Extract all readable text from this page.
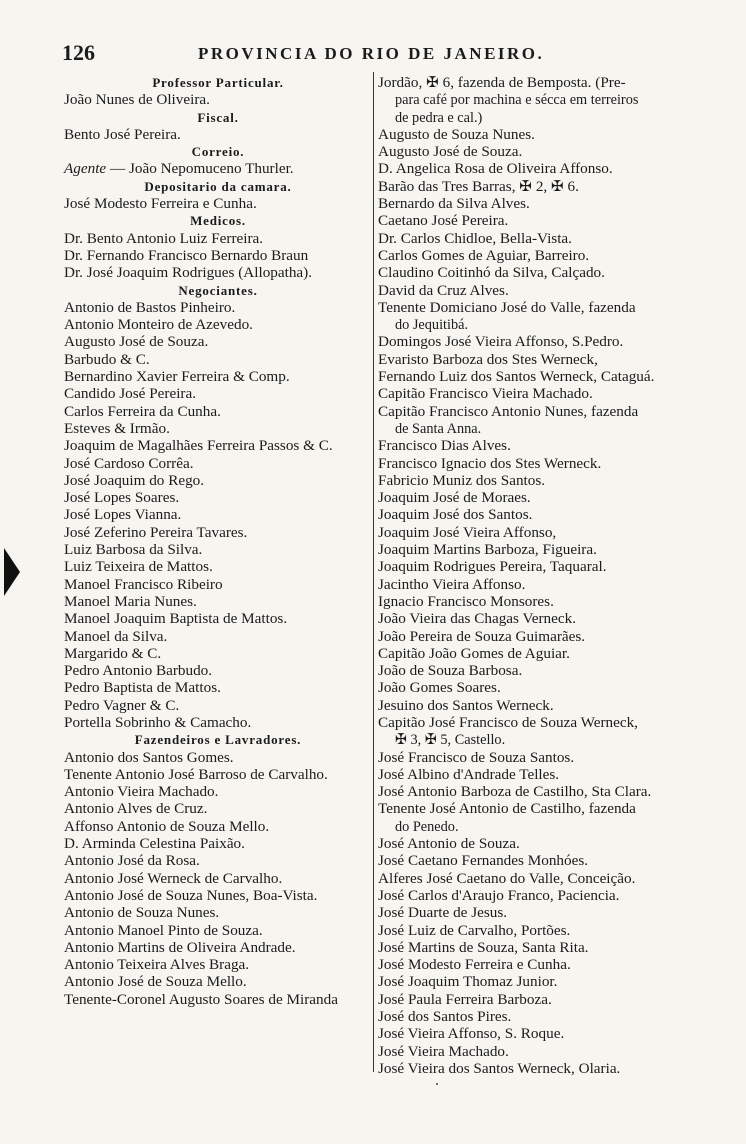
126	PROVINCIA DO RIO DE JANEIRO.
Professor Particular.
João Nunes de Oliveira.
Fiscal.
Bento José Pereira.
Correio.
Agente — João Nepomuceno Thurler.
Depositario da camara.
José Modesto Ferreira e Cunha.
Medicos.
Dr. Bento Antonio Luiz Ferreira.
Dr. Fernando Francisco Bernardo Braun
Dr. José Joaquim Rodrigues (Allopatha).
Negociantes.
Antonio de Bastos Pinheiro.
Antonio Monteiro de Azevedo.
Augusto José de Souza.
Barbudo & C.
Bernardino Xavier Ferreira & Comp.
Candido José Pereira.
Carlos Ferreira da Cunha.
Esteves & Irmão.
Joaquim de Magalhães Ferreira Passos & C.
José Cardoso Corrêa.
José Joaquim do Rego.
José Lopes Soares.
José Lopes Vianna.
José Zeferino Pereira Tavares.
Luiz Barbosa da Silva.
Luiz Teixeira de Mattos.
Manoel Francisco Ribeiro
Manoel Maria Nunes.
Manoel Joaquim Baptista de Mattos.
Manoel da Silva.
Margarido & C.
Pedro Antonio Barbudo.
Pedro Baptista de Mattos.
Pedro Vagner & C.
Portella Sobrinho & Camacho.
Fazendeiros e Lavradores.
Antonio dos Santos Gomes.
Tenente Antonio José Barroso de Carvalho.
Antonio Vieira Machado.
Antonio Alves de Cruz.
Affonso Antonio de Souza Mello.
D. Arminda Celestina Paixão.
Antonio José da Rosa.
Antonio José Werneck de Carvalho.
Antonio José de Souza Nunes, Boa-Vista.
Antonio de Souza Nunes.
Antonio Manoel Pinto de Souza.
Antonio Martins de Oliveira Andrade.
Antonio Teixeira Alves Braga.
Antonio José de Souza Mello.
Tenente-Coronel Augusto Soares de Miranda
Jordão, ✠ 6, fazenda de Bemposta. (Pre-
para café por machina e sécca em terreiros
de pedra e cal.)
Augusto de Souza Nunes.
Augusto José de Souza.
D. Angelica Rosa de Oliveira Affonso.
Barão das Tres Barras, ✠ 2, ✠ 6.
Bernardo da Silva Alves.
Caetano José Pereira.
Dr. Carlos Chidloe, Bella-Vista.
Carlos Gomes de Aguiar, Barreiro.
Claudino Coitinhó da Silva, Calçado.
David da Cruz Alves.
Tenente Domiciano José do Valle, fazenda
do Jequitibá.
Domingos José Vieira Affonso, S.Pedro.
Evaristo Barboza dos Stes Werneck,
Fernando Luiz dos Santos Werneck, Cataguá.
Capitão Francisco Vieira Machado.
Capitão Francisco Antonio Nunes, fazenda
de Santa Anna.
Francisco Dias Alves.
Francisco Ignacio dos Stes Werneck.
Fabricio Muniz dos Santos.
Joaquim José de Moraes.
Joaquim José dos Santos.
Joaquim José Vieira Affonso,
Joaquim Martins Barboza, Figueira.
Joaquim Rodrigues Pereira, Taquaral.
Jacintho Vieira Affonso.
Ignacio Francisco Monsores.
João Vieira das Chagas Verneck.
João Pereira de Souza Guimarães.
Capitão João Gomes de Aguiar.
João de Souza Barbosa.
João Gomes Soares.
Jesuino dos Santos Werneck.
Capitão José Francisco de Souza Werneck,
✠ 3, ✠ 5, Castello.
José Francisco de Souza Santos.
José Albino d'Andrade Telles.
José Antonio Barboza de Castilho, Sta Clara.
Tenente José Antonio de Castilho, fazenda
do Penedo.
José Antonio de Souza.
José Caetano Fernandes Monhóes.
Alferes José Caetano do Valle, Conceição.
José Carlos d'Araujo Franco, Paciencia.
José Duarte de Jesus.
José Luiz de Carvalho, Portões.
José Martins de Souza, Santa Rita.
José Modesto Ferreira e Cunha.
José Joaquim Thomaz Junior.
José Paula Ferreira Barboza.
José dos Santos Pires.
José Vieira Affonso, S. Roque.
José Vieira Machado.
José Vieira dos Santos Werneck, Olaria.
